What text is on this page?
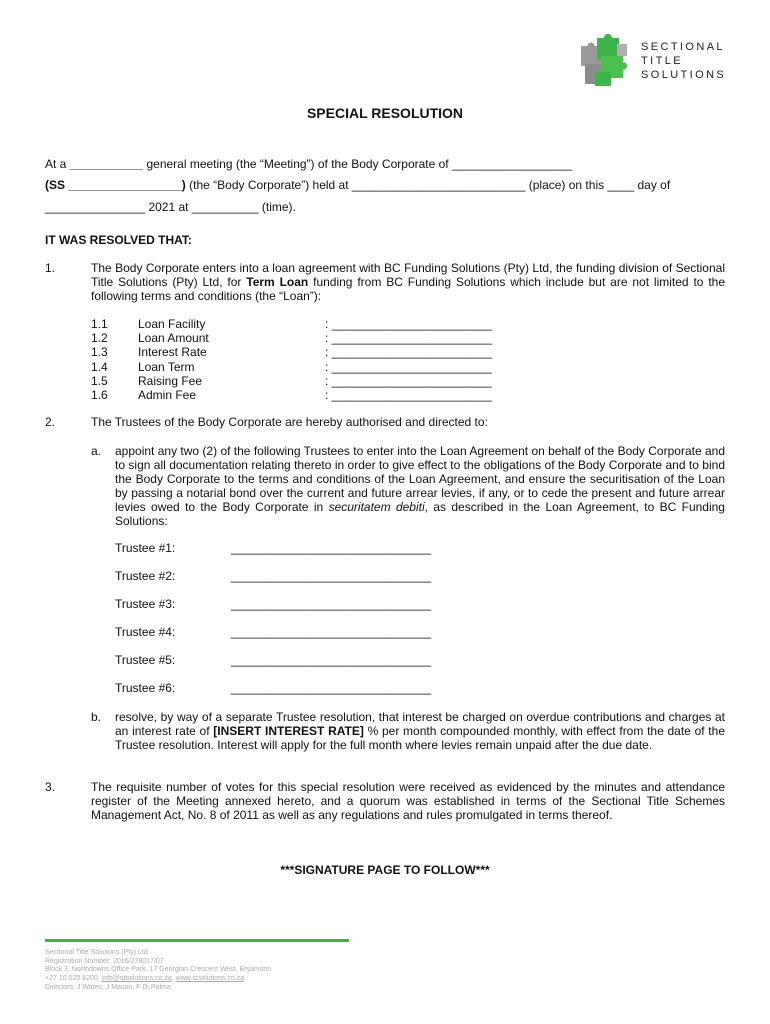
SECTIONAL
TITLE
SOLUTIONS
SPECIAL RESOLUTION
At a ___________ general meeting (the “Meeting”) of the Body Corporate of __________________
(SS _________________) (the “Body Corporate”) held at __________________________ (place) on this ____ day of
_______________ 2021 at __________ (time).
IT WAS RESOLVED THAT:
1.	The Body Corporate enters into a loan agreement with BC Funding Solutions (Pty) Ltd, the funding division of Sectional Title Solutions (Pty) Ltd, for Term Loan funding from BC Funding Solutions which include but are not limited to the following terms and conditions (the “Loan”):
1.1	Loan Facility	: ________________________
1.2	Loan Amount	: ________________________
1.3	Interest Rate	: ________________________
1.4	Loan Term	: ________________________
1.5	Raising Fee	: ________________________
1.6	Admin Fee	: ________________________
2.	The Trustees of the Body Corporate are hereby authorised and directed to:
a. appoint any two (2) of the following Trustees to enter into the Loan Agreement on behalf of the Body Corporate and to sign all documentation relating thereto in order to give effect to the obligations of the Body Corporate and to bind the Body Corporate to the terms and conditions of the Loan Agreement, and ensure the securitisation of the Loan by passing a notarial bond over the current and future arrear levies, if any, or to cede the present and future arrear levies owed to the Body Corporate in securitatem debiti, as described in the Loan Agreement, to BC Funding Solutions:
Trustee #1:	______________________________
Trustee #2:	______________________________
Trustee #3:	______________________________
Trustee #4:	______________________________
Trustee #5:	______________________________
Trustee #6:	______________________________
b. resolve, by way of a separate Trustee resolution, that interest be charged on overdue contributions and charges at an interest rate of [INSERT INTEREST RATE] % per month compounded monthly, with effect from the date of the Trustee resolution. Interest will apply for the full month where levies remain unpaid after the due date.
3.	The requisite number of votes for this special resolution were received as evidenced by the minutes and attendance register of the Meeting annexed hereto, and a quorum was established in terms of the Sectional Title Schemes Management Act, No. 8 of 2011 as well as any regulations and rules promulgated in terms thereof.
***SIGNATURE PAGE TO FOLLOW***
Sectional Title Solutions (Pty) Ltd
Registration Number: 2016/278017/07
Block 3, Northdowns Office Park, 17 Georgian Crescent West, Bryanston
+27 10 020 8200, info@stsolutions.co.za, www.stsolutions.co.za
Directors: J Wates, J Mason, F Di Palma
